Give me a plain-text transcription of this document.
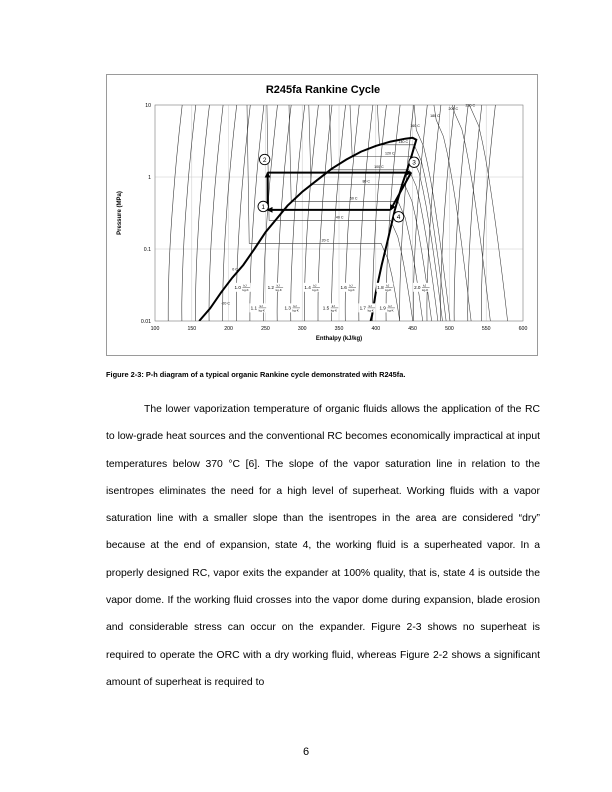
R245fa Rankine Cycle
20 C
40 C
60 C
80 C
100 C
120 C
140 C
160 C
180 C
200 C
220 C
0 C
-20 C
1.0 kJ
kg-K
1.1 kJ
kg-K
1.2 kJ
kg-K
1.3 kJ
kg-K
1.4 kJ
kg-K
1.5 kJ
kg-K
1.6 kJ
kg-K
1.7 kJ
kg-K
1.8 kJ
kg-K
1.9 kJ
kg-K
2.0 kJ
kg-K
1
2	3
4
100	150	200	250	300	350	400	450	500	550	600
0.01
0.1
1
10
Enthalpy (kJ/kg)
Pressure (MPa)
Figure 2-3: P-h diagram of a typical organic Rankine cycle demonstrated with R245fa.

The lower vaporization temperature of organic fluids allows the application of the RC to low-grade heat sources and the conventional RC becomes economically impractical at input temperatures below 370 °C [6]. The slope of the vapor saturation line in relation to the isentropes eliminates the need for a high level of superheat. Working fluids with a vapor saturation line with a smaller slope than the isentropes in the area are considered “dry” because at the end of expansion, state 4, the working fluid is a superheated vapor. In a properly designed RC, vapor exits the expander at 100% quality, that is, state 4 is outside the vapor dome. If the working fluid crosses into the vapor dome during expansion, blade erosion and considerable stress can occur on the expander. Figure 2-3 shows no superheat is required to operate the ORC with a dry working fluid, whereas Figure 2-2 shows a significant amount of superheat is required to

6
